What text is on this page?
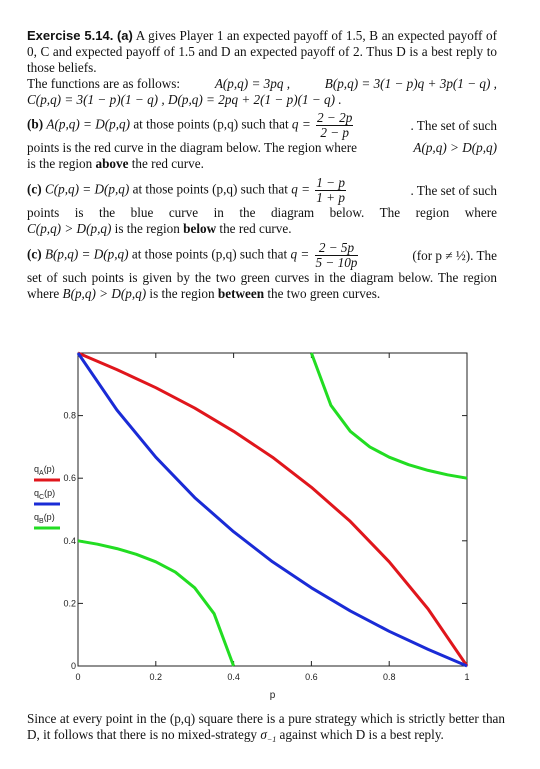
Exercise 5.14. (a) A gives Player 1 an expected payoff of 1.5, B an expected payoff of 0, C and expected payoff of 1.5 and D an expected payoff of 2. Thus D is a best reply to those beliefs.

The functions are as follows:	A(p,q) = 3pq ,	B(p,q) = 3(1 − p)q + 3p(1 − q) ,

C(p,q) = 3(1 − p)(1 − q) , D(p,q) = 2pq + 2(1 − p)(1 − q) .

(b) A(p,q) = D(p,q) at those points (p,q) such that $q = \frac{2 - 2p}{2 - p}$	. The set of such

points is the red curve in the diagram below. The region where	A(p,q) > D(p,q)

is the region above the red curve.

(c) C(p,q) = D(p,q) at those points (p,q) such that $q = \frac{1 - p}{1 + p}$	. The set of such

points is the blue curve in the diagram below. The region where

C(p,q) > D(p,q) is the region below the red curve.

(c) B(p,q) = D(p,q) at those points (p,q) such that $q = \frac{2 - 5p}{5 - 10p}$	(for p ≠ ½). The

set of such points is given by the two green curves in the diagram below. The region where B(p,q) > D(p,q) is the region between the two green curves.

0	0.2	0.4	0.6	0.8	1
0
0.2
0.4
0.6
0.8
p
$q_A(p)$
$q_C(p)$
$q_B(p)$
Since at every point in the (p,q) square there is a pure strategy which is strictly better than D, it follows that there is no mixed-strategy $\sigma_{-1}$ against which D is a best reply.
